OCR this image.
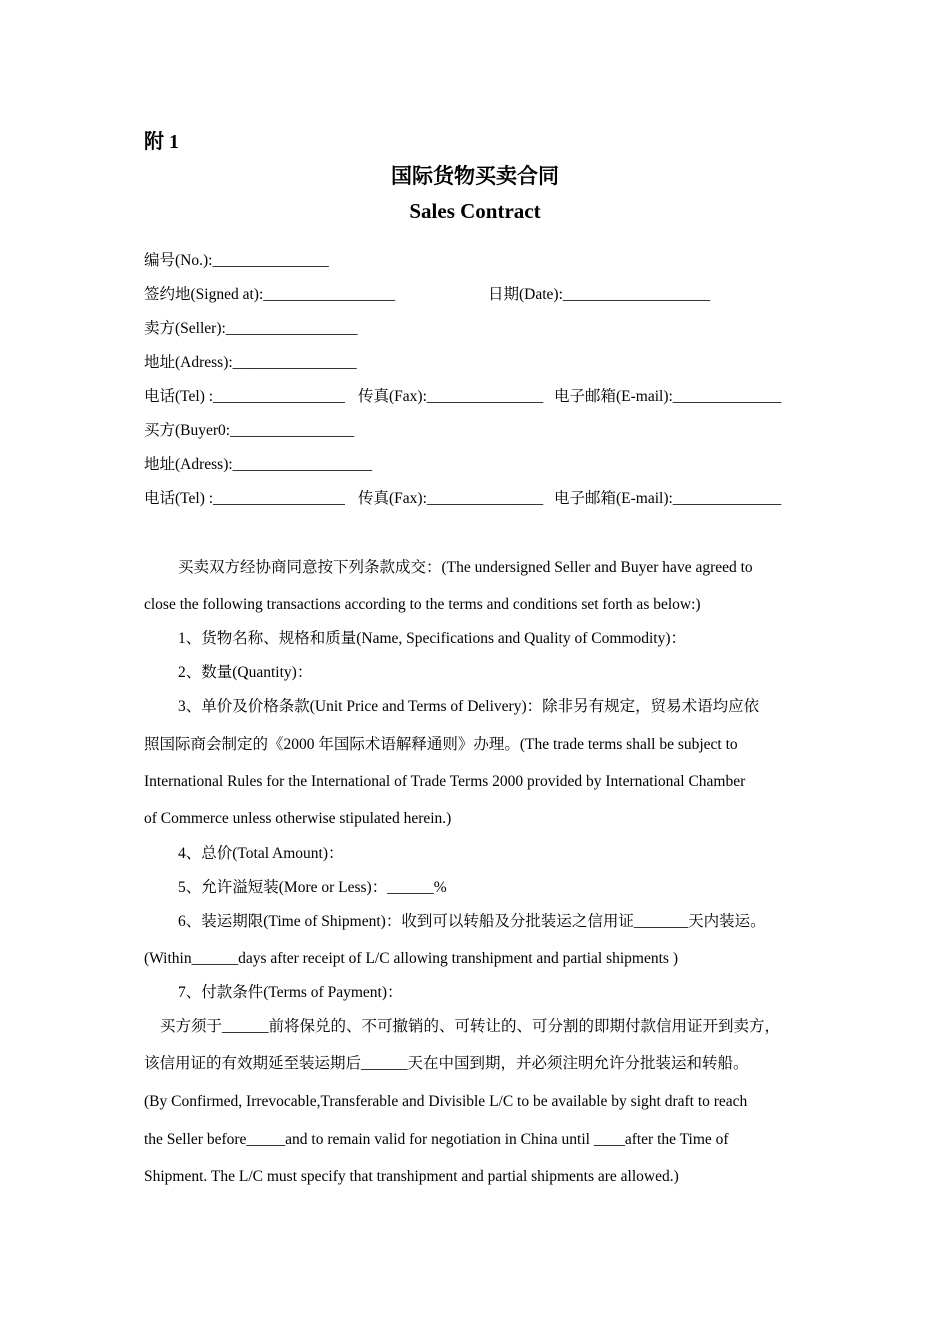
附 1
国际货物买卖合同
Sales Contract
编号(No.):_______________
签约地(Signed at):_________________	日期(Date):___________________
卖方(Seller):_________________
地址(Adress):________________
电话(Tel) :_________________ 传真(Fax):_______________ 电子邮箱(E-mail):______________
买方(Buyer0:________________
地址(Adress):__________________
电话(Tel) :_________________ 传真(Fax):_______________ 电子邮箱(E-mail):______________
买卖双方经协商同意按下列条款成交：(The undersigned Seller and Buyer have agreed to
close the following transactions according to the terms and conditions set forth as below:)
1、货物名称、规格和质量(Name, Specifications and Quality of Commodity)：
2、数量(Quantity)：
3、单价及价格条款(Unit Price and Terms of Delivery)：除非另有规定，贸易术语均应依
照国际商会制定的《2000 年国际术语解释通则》办理。(The trade terms shall be subject to
International Rules for the International of Trade Terms 2000 provided by International Chamber
of Commerce unless otherwise stipulated herein.)
4、总价(Total Amount)：
5、允许溢短装(More or Less)：______%
6、装运期限(Time of Shipment)：收到可以转船及分批装运之信用证_______天内装运。
(Within______days after receipt of L/C allowing transhipment and partial shipments )
7、付款条件(Terms of Payment)：
买方须于______前将保兑的、不可撤销的、可转让的、可分割的即期付款信用证开到卖方，
该信用证的有效期延至装运期后______天在中国到期，并必须注明允许分批装运和转船。
(By Confirmed, Irrevocable,Transferable and Divisible L/C to be available by sight draft to reach
the Seller before_____and to remain valid for negotiation in China until ____after the Time of
Shipment. The L/C must specify that transhipment and partial shipments are allowed.)
